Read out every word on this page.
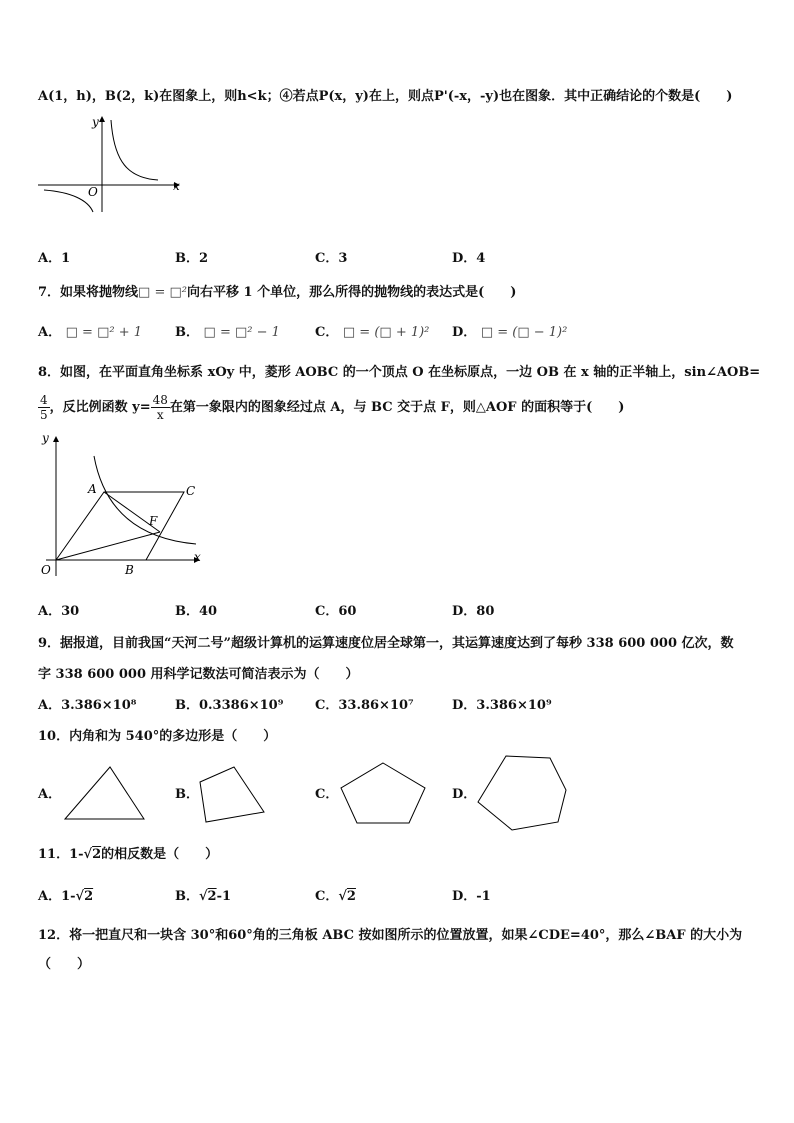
A(1，h)，B(2，k)在图象上，则h<k；④若点P(x，y)在上，则点P'(-x，-y)也在图象．其中正确结论的个数是(　　)
y
x
O
A．1	B．2	C．3	D．4
7．如果将抛物线□ = □²向右平移 1 个单位，那么所得的抛物线的表达式是(　　)
A． □ = □² + 1	B． □ = □² − 1	C． □ = (□ + 1)² D． □ = (□ − 1)²
8．如图，在平面直角坐标系 xOy 中，菱形 AOBC 的一个顶点 O 在坐标原点，一边 OB 在 x 轴的正半轴上，sin∠AOB=
$\frac{4}{5}$ ，反比例函数 $y= \frac{48}{x}$ 在第一象限内的图象经过点 A，与 BC 交于点 F，则△AOF 的面积等于(　　)
y
x
O
A	C
F
B
A．30	B．40	C．60	D．80
9．据报道，目前我国“天河二号”超级计算机的运算速度位居全球第一，其运算速度达到了每秒 338 600 000 亿次，数
字 338 600 000 用科学记数法可简洁表示为（　　）
A．3.386×10⁸	B．0.3386×10⁹ C．33.86×10⁷	D．3.386×10⁹
10．内角和为 540°的多边形是（　　）
A．	B．	C．	D．
11．1-√2的相反数是（　　）
A．1-√2	B．√2-1	C．√2	D．-1
12．将一把直尺和一块含 30°和60°角的三角板 ABC 按如图所示的位置放置，如果∠CDE=40°，那么∠BAF 的大小为
（　　）
